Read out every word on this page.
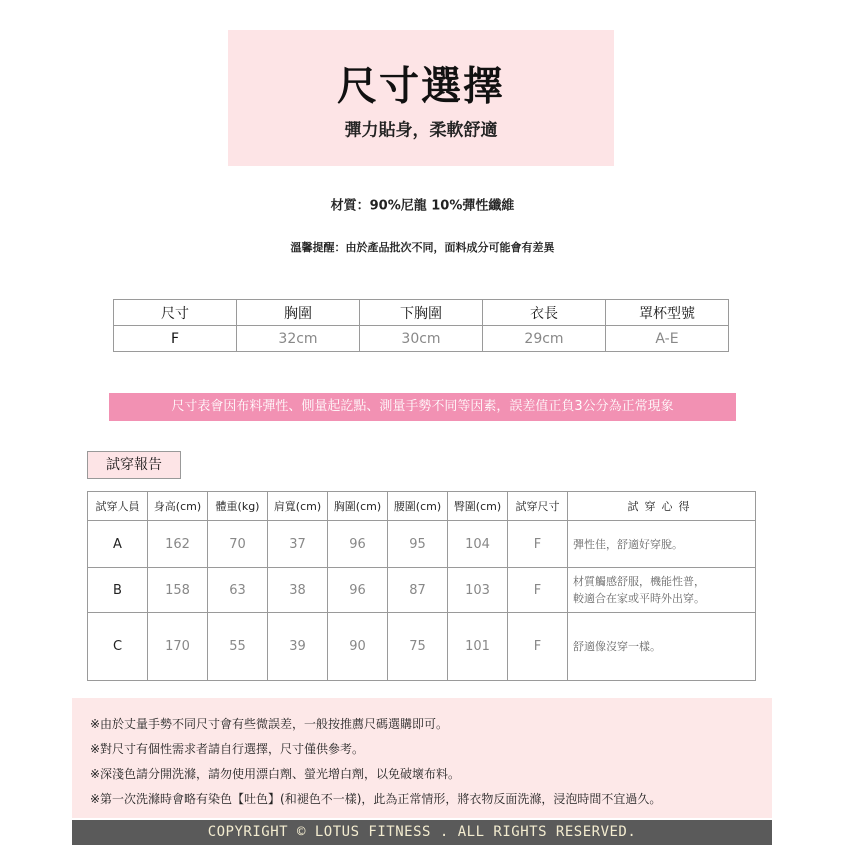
尺寸選擇
彈力貼身，柔軟舒適
材質：90%尼龍 10%彈性纖維
溫馨提醒：由於產品批次不同，面料成分可能會有差異
尺寸	胸圍	下胸圍	衣長	罩杯型號
F	32cm	30cm	29cm	A-E
尺寸表會因布料彈性、側量起訖點、測量手勢不同等因素，誤差值正負3公分為正常現象
試穿報告
試穿人員	身高(cm)	體重(kg)	肩寬(cm)	胸圍(cm)	腰圍(cm)	臀圍(cm)	試穿尺寸	試穿心得
A	162	70	37	96	95	104	F	彈性佳，舒適好穿脫。
B	158	63	38	96	87	103	F	材質觸感舒服，機能性普，
較適合在家或平時外出穿。
C	170	55	39	90	75	101	F	舒適像沒穿一樣。
※由於丈量手勢不同尺寸會有些微誤差，一般按推薦尺碼選購即可。
※對尺寸有個性需求者請自行選擇，尺寸僅供參考。
※深淺色請分開洗滌，請勿使用漂白劑、螢光增白劑，以免破壞布料。
※第一次洗滌時會略有染色【吐色】(和褪色不一樣)，此為正常情形，將衣物反面洗滌，浸泡時間不宜過久。
COPYRIGHT © LOTUS FITNESS . ALL RIGHTS RESERVED.
